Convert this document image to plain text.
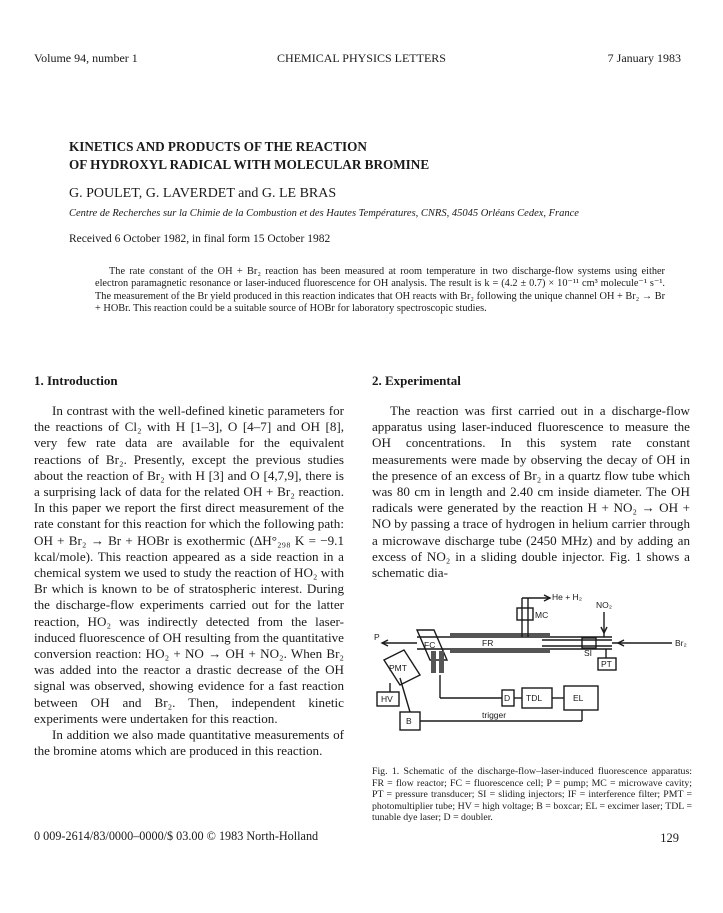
Volume 94, number 1	CHEMICAL PHYSICS LETTERS	7 January 1983
KINETICS AND PRODUCTS OF THE REACTION
OF HYDROXYL RADICAL WITH MOLECULAR BROMINE
G. POULET, G. LAVERDET and G. LE BRAS
Centre de Recherches sur la Chimie de la Combustion et des Hautes Températures, CNRS, 45045 Orléans Cedex, France
Received 6 October 1982, in final form 15 October 1982
The rate constant of the OH + Br₂ reaction has been measured at room temperature in two discharge-flow systems using either electron paramagnetic resonance or laser-induced fluorescence for OH analysis. The result is k = (4.2 ± 0.7) × 10⁻¹¹ cm³ molecule⁻¹ s⁻¹. The measurement of the Br yield produced in this reaction indicates that OH reacts with Br₂ following the unique channel OH + Br₂ → Br + HOBr. This reaction could be a suitable source of HOBr for laboratory spectroscopic studies.
1. Introduction	2. Experimental

In contrast with the well-defined kinetic parameters for the reactions of Cl₂ with H [1–3], O [4–7] and OH [8], very few rate data are available for the equivalent reactions of Br₂. Presently, except the previous studies about the reaction of Br₂ with H [3] and O [4,7,9], there is a surprising lack of data for the related OH + Br₂ reaction. In this paper we report the first direct measurement of the rate constant for this reaction for which the following path: OH + Br₂ → Br + HOBr is exothermic (ΔH°₂₉₈ K = −9.1 kcal/mole). This reaction appeared as a side reaction in a chemical system we used to study the reaction of HO₂ with Br which is known to be of stratospheric interest. During the discharge-flow experiments carried out for the latter reaction, HO₂ was indirectly detected from the laser-induced fluorescence of OH resulting from the quantitative conversion reaction: HO₂ + NO → OH + NO₂. When Br₂ was added into the reactor a drastic decrease of the OH signal was observed, showing evidence for a fast reaction between OH and Br₂. Then, independent kinetic experiments were undertaken for this reaction.

In addition we also made quantitative measurements of the bromine atoms which are produced in this reaction.

The reaction was first carried out in a discharge-flow apparatus using laser-induced fluorescence to measure the OH concentrations. In this system rate constant measurements were made by observing the decay of OH in the presence of an excess of Br₂ in a quartz flow tube which was 80 cm in length and 2.40 cm inside diameter. The OH radicals were generated by the reaction H + NO₂ → OH + NO by passing a trace of hydrogen in helium carrier through a microwave discharge tube (2450 MHz) and by adding an excess of NO₂ in a sliding double injector. Fig. 1 shows a schematic dia-

He + H₂
MC
NO₂
Br₂
P
FR
SI
PT
PMT
FC
HV	D TDL	EL
B
trigger
Fig. 1. Schematic of the discharge-flow–laser-induced fluorescence apparatus: FR = flow reactor; FC = fluorescence cell; P = pump; MC = microwave cavity; PT = pressure transducer; SI = sliding injectors; IF = interference filter; PMT = photomultiplier tube; HV = high voltage; B = boxcar; EL = excimer laser; TDL = tunable dye laser; D = doubler.
0 009-2614/83/0000–0000/$ 03.00 © 1983 North-Holland	129
